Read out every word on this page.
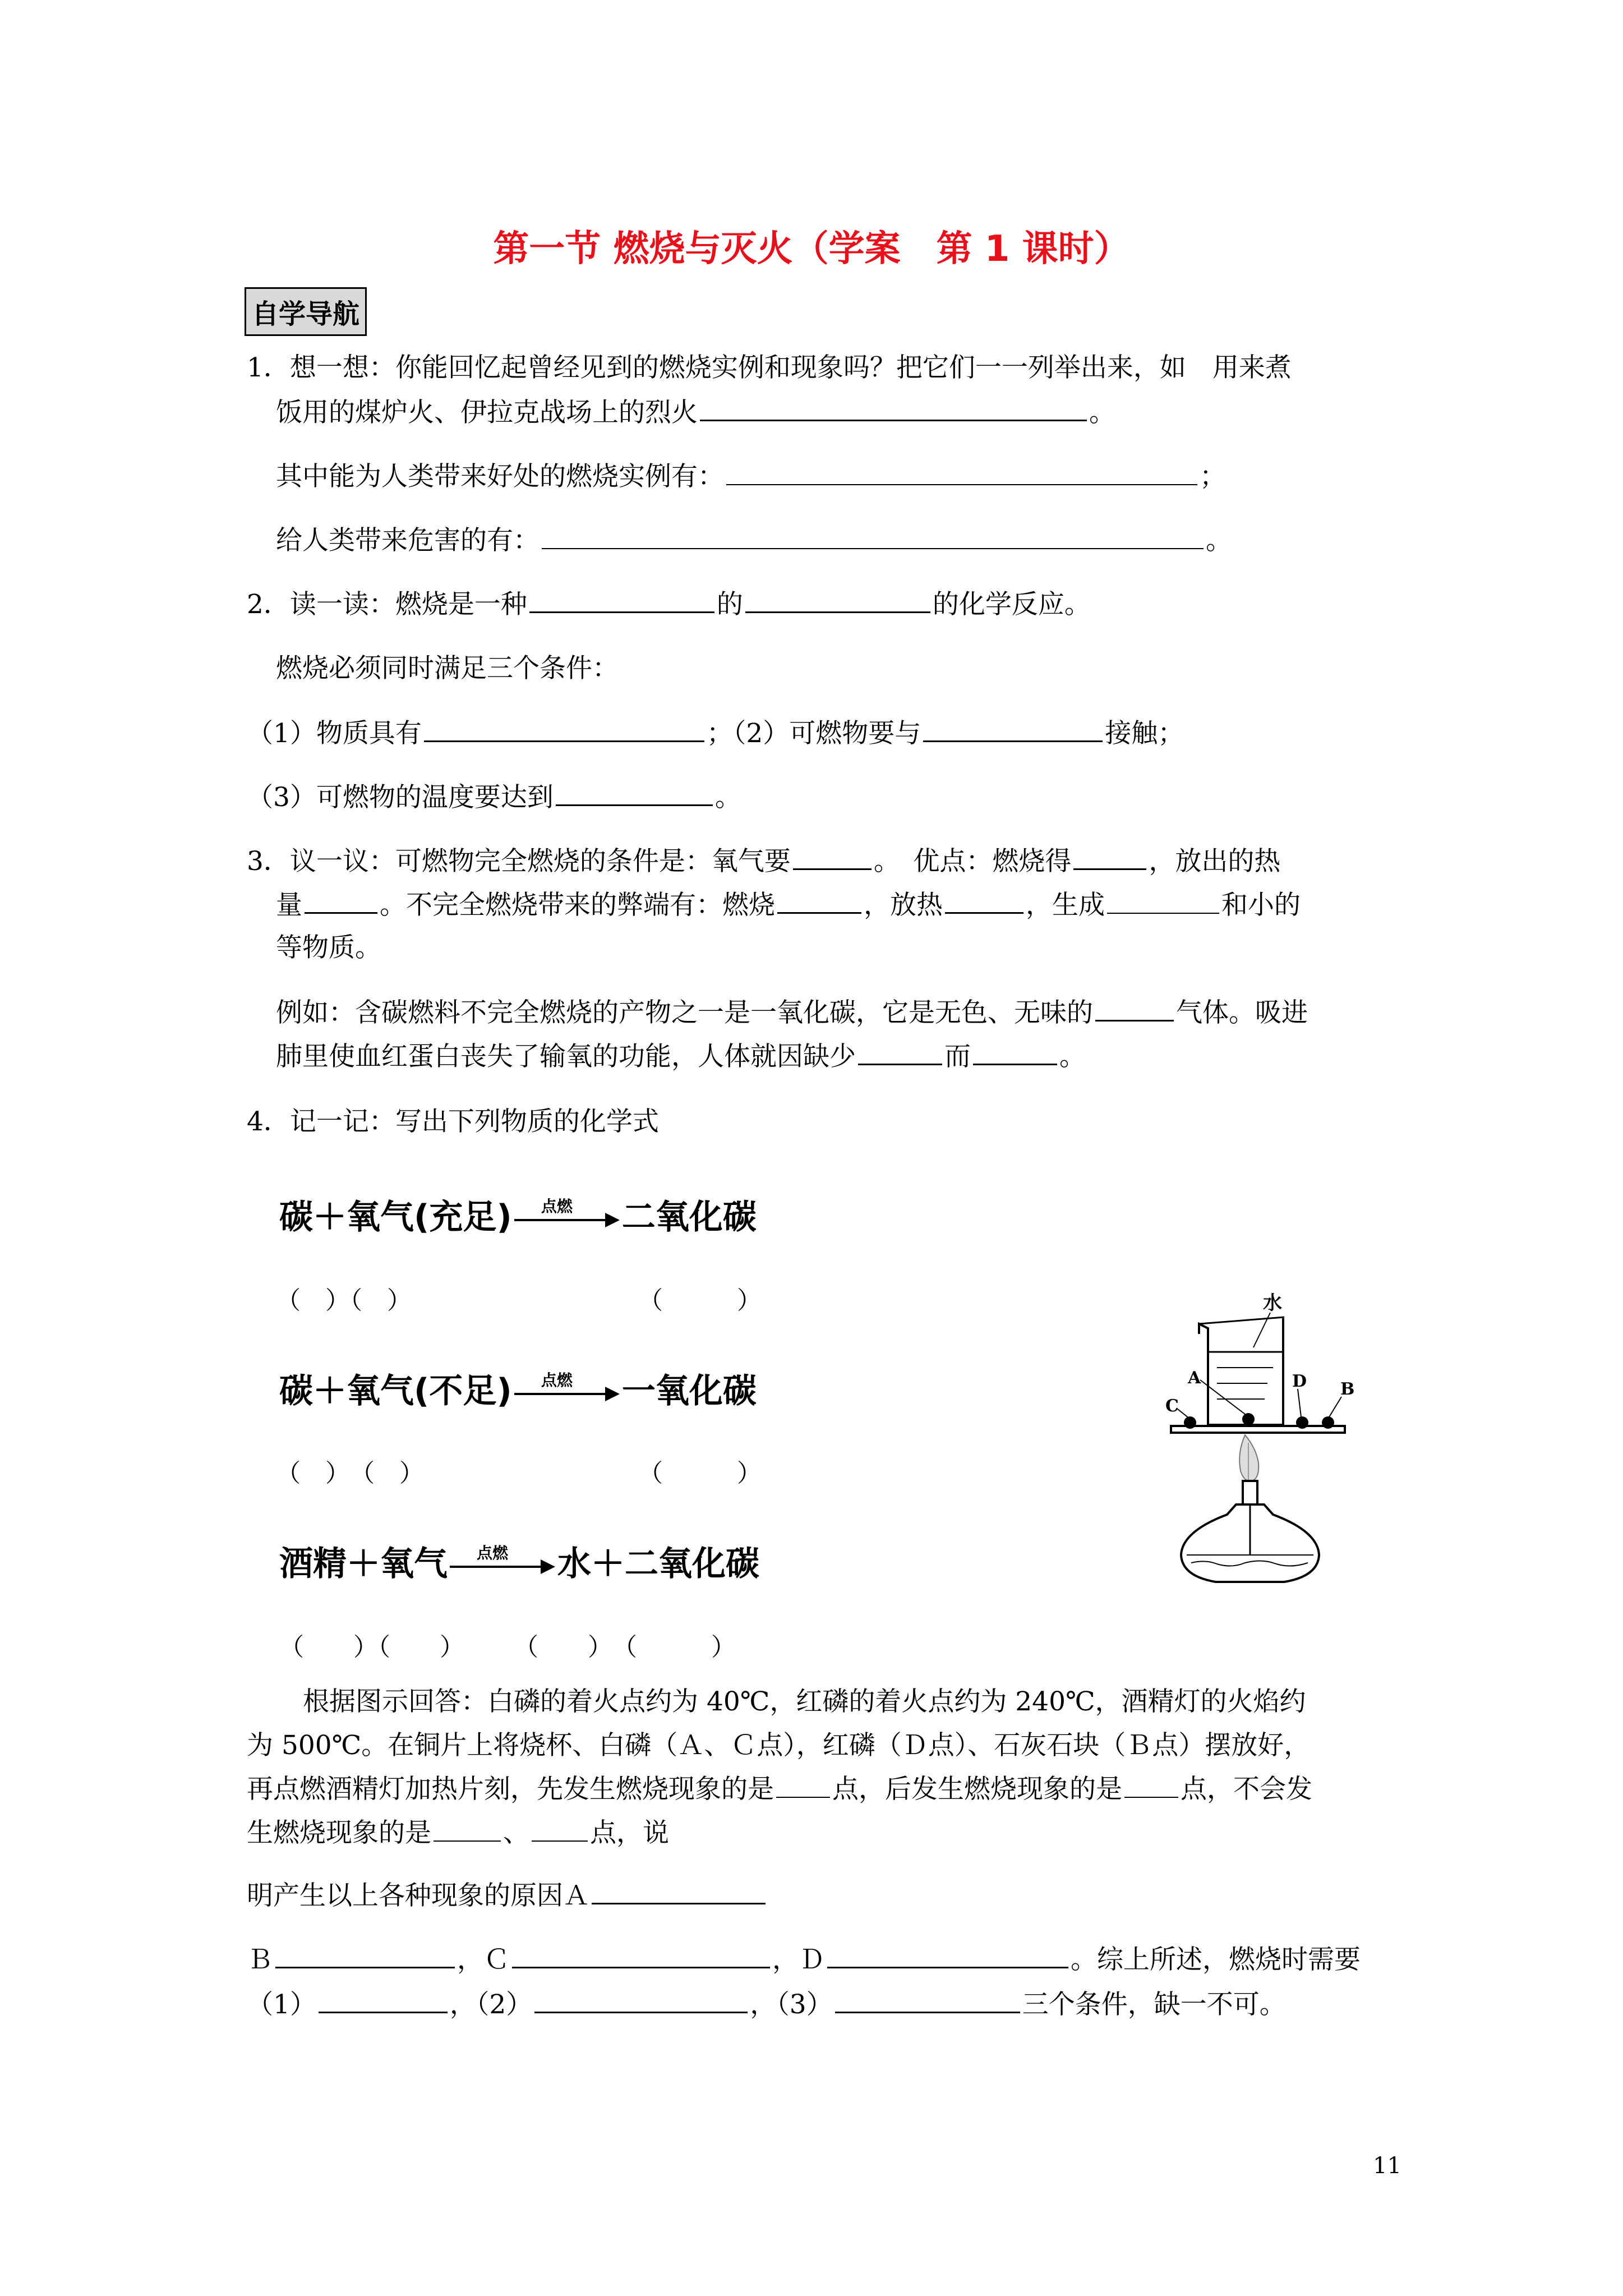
第一节 燃烧与灭火（学案　第 1 课时）
自学导航
1．想一想：你能回忆起曾经见到的燃烧实例和现象吗？把它们一一列举出来，如　用来煮
饭用的煤炉火、伊拉克战场上的烈火	。
其中能为人类带来好处的燃烧实例有：	；
给人类带来危害的有：	。
2．读一读：燃烧是一种	的	的化学反应。
燃烧必须同时满足三个条件：
（1）物质具有	；（2）可燃物要与	接触；
（3）可燃物的温度要达到	。
3．议一议：可燃物完全燃烧的条件是：氧气要	。　优点：燃烧得	，放出的热
量	。不完全燃烧带来的弊端有：燃烧	，放热	，生成	和小的
等物质。
例如：含碳燃料不完全燃烧的产物之一是一氧化碳，它是无色、无味的	气体。吸进
肺里使血红蛋白丧失了输氧的功能，人体就因缺少	而	。
4．记一记：写出下列物质的化学式
碳＋氧气(充足)	点燃	二氧化碳
（　）（　）	（　　　）
碳＋氧气(不足)	点燃	一氧化碳
（　）　（　）	（　　　）
酒精＋氧气	点燃	水＋二氧化碳
（　　）（　　）　　　（　　）　（　　　）
水
A
C
D B
根据图示回答：白磷的着火点约为 40℃，红磷的着火点约为 240℃，酒精灯的火焰约
为 500℃。在铜片上将烧杯、白磷（Ａ、Ｃ点），红磷（Ｄ点）、石灰石块（Ｂ点）摆放好，
再点燃酒精灯加热片刻，先发生燃烧现象的是 点，后发生燃烧现象的是 点，不会发
生燃烧现象的是	、 点，说
明产生以上各种现象的原因Ａ
Ｂ	，Ｃ	，Ｄ	。综上所述，燃烧时需要
（1）	，（2）	，（3）	三个条件，缺一不可。
11
